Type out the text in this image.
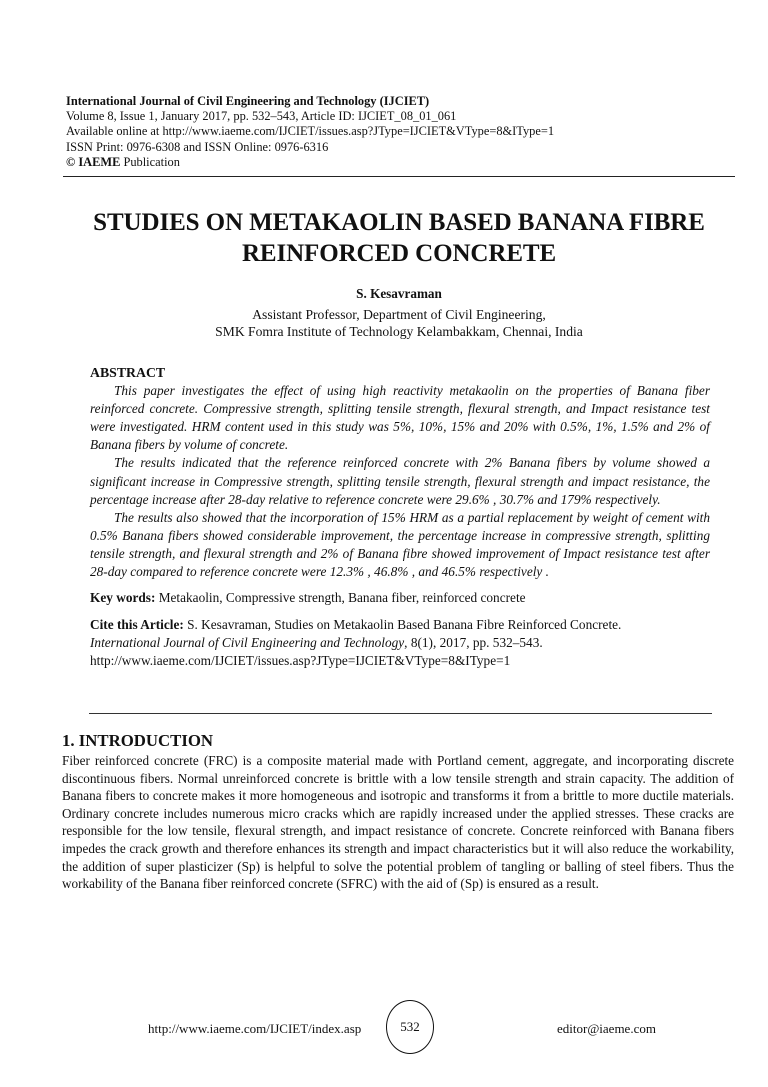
International Journal of Civil Engineering and Technology (IJCIET)
Volume 8, Issue 1, January 2017, pp. 532–543, Article ID: IJCIET_08_01_061
Available online at http://www.iaeme.com/IJCIET/issues.asp?JType=IJCIET&VType=8&IType=1
ISSN Print: 0976-6308 and ISSN Online: 0976-6316
© IAEME Publication
STUDIES ON METAKAOLIN BASED BANANA FIBRE
REINFORCED CONCRETE
S. Kesavraman
Assistant Professor, Department of Civil Engineering,
SMK Fomra Institute of Technology Kelambakkam, Chennai, India
ABSTRACT

This paper investigates the effect of using high reactivity metakaolin on the properties of Banana fiber reinforced concrete. Compressive strength, splitting tensile strength, flexural strength, and Impact resistance test were investigated. HRM content used in this study was 5%, 10%, 15% and 20% with 0.5%, 1%, 1.5% and 2% of Banana fibers by volume of concrete.

The results indicated that the reference reinforced concrete with 2% Banana fibers by volume showed a significant increase in Compressive strength, splitting tensile strength, flexural strength and impact resistance, the percentage increase after 28-day relative to reference concrete were 29.6% , 30.7% and 179% respectively.

The results also showed that the incorporation of 15% HRM as a partial replacement by weight of cement with 0.5% Banana fibers showed considerable improvement, the percentage increase in compressive strength, splitting tensile strength, and flexural strength and 2% of Banana fibre showed improvement of Impact resistance test after 28-day compared to reference concrete were 12.3% , 46.8% , and 46.5% respectively .

Key words: Metakaolin, Compressive strength, Banana fiber, reinforced concrete

Cite this Article: S. Kesavraman, Studies on Metakaolin Based Banana Fibre Reinforced Concrete.
International Journal of Civil Engineering and Technology, 8(1), 2017, pp. 532–543.
http://www.iaeme.com/IJCIET/issues.asp?JType=IJCIET&VType=8&IType=1

1. INTRODUCTION

Fiber reinforced concrete (FRC) is a composite material made with Portland cement, aggregate, and incorporating discrete discontinuous fibers. Normal unreinforced concrete is brittle with a low tensile strength and strain capacity. The addition of Banana fibers to concrete makes it more homogeneous and isotropic and transforms it from a brittle to more ductile materials. Ordinary concrete includes numerous micro cracks which are rapidly increased under the applied stresses. These cracks are responsible for the low tensile, flexural strength, and impact resistance of concrete. Concrete reinforced with Banana fibers impedes the crack growth and therefore enhances its strength and impact characteristics but it will also reduce the workability, the addition of super plasticizer (Sp) is helpful to solve the potential problem of tangling or balling of steel fibers. Thus the workability of the Banana fiber reinforced concrete (SFRC) with the aid of (Sp) is ensured as a result.

http://www.iaeme.com/IJCIET/index.asp	532	editor@iaeme.com
